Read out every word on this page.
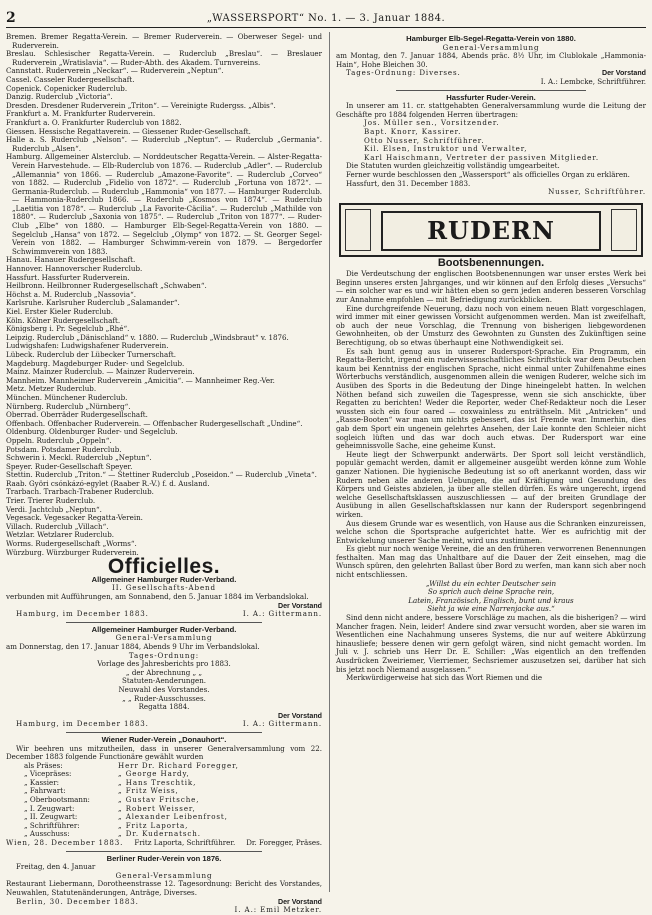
2	„WASSERSPORT“ No. 1. — 3. Januar 1884.
Bremen. Bremer Regatta-Verein. — Bremer Ruderverein. — Oberweser Segel- und Ruderverein.
Breslau. Schlesischer Regatta-Verein. — Ruderclub „Breslau“. — Breslauer Ruderverein „Wratislavia“. — Ruder-Abth. des Akadem. Turnvereins.
Cannstatt. Ruderverein „Neckar“. — Ruderverein „Neptun“.
Cassel. Casseler Rudergesellschaft.
Copenick. Copenicker Ruderclub.
Danzig. Ruderclub „Victoria“.
Dresden. Dresdener Ruderverein „Triton“. — Vereinigte Rudergss. „Albis“.
Frankfurt a. M. Frankfurter Ruderverein.
Frankfurt a. O. Frankfurter Ruderclub von 1882.
Giessen. Hessische Regattaverein. — Giessener Ruder-Gesellschaft.
Halle a. S. Ruderclub „Nelson“. — Ruderclub „Neptun“. — Ruderclub „Germania“. Ruderclub „Alsen“.
Hamburg. Allgemeiner Alsterclub. — Norddeutscher Regatta-Verein. — Alster-Regatta-Verein Harvestehude. — Elb-Ruderclub von 1876. — Ruderclub „Adler“. — Ruderclub „Allemannia“ von 1866. — Ruderclub „Amazone-Favorite“. — Ruderclub „Corveo“ von 1882. — Ruderclub „Fidelio von 1872“. — Ruderclub „Fortuna von 1872“. — Germania-Ruderclub. — Ruderclub „Hammonia“ von 1877. — Hamburger Ruderclub. — Hammonia-Ruderclub 1866. — Ruderclub „Kosmos von 1874“. — Ruderclub „Laetitia von 1878“. — Ruderclub „La Favorite-Cäcilia“. — Ruderclub „Mathilde von 1880“. — Ruderclub „Saxonia von 1875“. — Ruderclub „Triton von 1877“. — Ruder-Club „Elbe“ von 1880. — Hamburger Elb-Segel-Regatta-Verein von 1880. — Segelclub „Hansa“ von 1872. — Segelclub „Olymp“ von 1872. — St. Georger Segel-Verein von 1882. — Hamburger Schwimm-verein von 1879. — Bergedorfer Schwimmverein von 1883.
Hanau. Hanauer Rudergesellschaft.
Hannover. Hannoverscher Ruderclub.
Hassfurt. Hassfurter Ruderverein.
Heilbronn. Heilbronner Rudergesellschaft „Schwaben“.
Höchst a. M. Ruderclub „Nassovia“.
Karlsruhe. Karlsruher Ruderclub „Salamander“.
Kiel. Erster Kieler Ruderclub.
Köln. Kölner Rudergesellschaft.
Königsberg i. Pr. Segelclub „Rhé“.
Leipzig. Ruderclub „Dänischland“ v. 1880. — Ruderclub „Windsbraut“ v. 1876.
Ludwigshafen: Ludwigshafener Ruderverein.
Lübeck. Ruderclub der Lübecker Turnerschaft.
Magdeburg. Magdeburger Ruder- und Segelclub.
Mainz. Mainzer Ruderclub. — Mainzer Ruderverein.
Mannheim. Mannheimer Ruderverein „Amicitia“. — Mannheimer Reg.-Ver.
Metz. Metzer Ruderclub.
München. Münchener Ruderclub.
Nürnberg. Ruderclub „Nürnberg“.
Oberrad. Oberräder Rudergesellschaft.
Offenbach. Offenbacher Ruderverein. — Offenbacher Rudergesellschaft „Undine“.
Oldenburg. Oldenburger Ruder- und Segelclub.
Oppeln. Ruderclub „Oppeln“.
Potsdam. Potsdamer Ruderclub.
Schwerin i. Meckl. Ruderclub „Neptun“.
Speyer. Ruder-Gesellschaft Speyer.
Stettin. Ruderclub „Triton.“ — Stettiner Ruderclub „Poseidon.“ — Ruderclub „Vineta“.
Raab. Györi csónkázó-egylet (Raaber R.-V.) f. d. Ausland.
Trarbach. Trarbach-Trabener Ruderclub.
Trier. Trierer Ruderclub.
Verdi. Jachtclub „Neptun“.
Vegesack. Vegesacker Regatta-Verein.
Villach. Ruderclub „Villach“.
Wetzlar. Wetzlarer Ruderclub.
Worms. Rudergesellschaft „Worms“.
Würzburg. Würzburger Ruderverein.
Officielles.
Allgemeiner Hamburger Ruder-Verband.
II. Gesellschafts-Abend
verbunden mit Aufführungen, am Sonnabend, den 5. Januar 1884 im Verbandslokal.
Der Vorstand
Hamburg, im December 1883.	I. A.: Gittermann.
Allgemeiner Hamburger Ruder-Verband.
General-Versammlung
am Donnerstag, den 17. Januar 1884, Abends 9 Uhr im Verbandslokal.
Tages-Ordnung:
Vorlage des Jahresberichts pro 1883.
„ der Abrechnung „ „
Statuten-Aenderungen.
Neuwahl des Vorstandes.
„ „ Ruder-Ausschusses.
Regatta 1884.
Der Vorstand
Hamburg, im December 1883.	I. A.: Gittermann.
Wiener Ruder-Verein „Donauhort“.
Wir beehren uns mitzutheilen, dass in unserer Generalversammlung vom 22. December 1883 folgende Functionäre gewählt wurden
als Präses:	Herr Dr. Richard Foregger,
„ Vicepräses:	„ George Hardy,
„ Kassier:	„ Hans Treschtik,
„ Fahrwart:	„ Fritz Weiss,
„ Oberbootsmann:	„ Gustav Fritsche,
„ I. Zeugwart:	„ Robert Weisser,
„ II. Zeugwart:	„ Alexander Leibenfrost,
„ Schriftführer:	„ Fritz Laporta,
„ Ausschuss:	„ Dr. Kudernatsch.
Wien, 28. December 1883. Fritz Laporta, Schriftführer. Dr. Foregger, Präses.
Berliner Ruder-Verein von 1876.
Freitag, den 4. Januar
General-Versammlung
Restaurant Liebermann, Dorotheenstrasse 12. Tagesordnung: Bericht des Vorstandes, Neuwahlen, Statutenänderungen, Anträge, Diverses.
Berlin, 30. December 1883.	Der Vorstand
I. A.: Emil Metzker.
Hamburger Elb-Segel-Regatta-Verein von 1880.
General-Versammlung
am Montag, den 7. Januar 1884, Abends präc. 8½ Uhr, im Clublokale „Hammonia-Hain“, Hohe Bleichen 30.
Tages-Ordnung: Diverses.	Der Vorstand
I. A.: Lembcke, Schriftführer.
Hassfurter Ruder-Verein.
In unserer am 11. cr. stattgehabten Generalversammlung wurde die Leitung der Geschäfte pro 1884 folgenden Herren übertragen:
Jos. Müller sen., Vorsitzender.
Bapt. Knorr, Kassirer.
Otto Nusser, Schriftführer.
Kil. Elsen, Instruktor und Verwalter,
Karl Haischmann, Vertreter der passiven Mitglieder.
Die Statuten wurden gleichzeitig vollständig umgearbeitet.
Ferner wurde beschlossen den „Wassersport“ als officielles Organ zu erklären.
Hassfurt, den 31. December 1883.
Nusser, Schriftführer.
RUDERN
Bootsbenennungen.
Die Verdeutschung der englischen Bootsbenennungen war unser erstes Werk bei Beginn unseres ersten Jahrganges, und wir können auf den Erfolg dieses „Versuchs“ — ein solcher war es und wir hätten eben so gern jeden anderen besseren Vorschlag zur Annahme empfohlen — mit Befriedigung zurückblicken.
Eine durchgreifende Neuerung, dazu noch von einem neuen Blatt vorgeschlagen, wird immer mit einer gewissen Vorsicht aufgenommen werden. Man ist zweifelhaft, ob auch der neue Vorschlag, die Trennung von bisherigen liebgewordenen Gewohnheiten, ob der Umsturz des Gewohnten zu Gunsten des Zukünftigen seine Berechtigung, ob so etwas überhaupt eine Nothwendigkeit sei.
Es sah bunt genug aus in unserer Rudersport-Sprache. Ein Programm, ein Regatta-Bericht, irgend ein ruderwissenschaftliches Schriftstück war dem Deutschen kaum bei Kenntniss der englischen Sprache, nicht einmal unter Zuhilfenahme eines Wörterbuchs verständlich, ausgenommen allein die wenigen Ruderer, welche sich im Ausüben des Sports in die Bedeutung der Dinge hineingelebt hatten. In welchen Nöthen befand sich zuweilen die Tagespresse, wenn sie sich anschickte, über Regatten zu berichten! Weder die Reporter, weder Chef-Redakteur noch die Leser wussten sich ein four oared — coxwainless zu enträthseln. Mit „Antricken“ und „Rasse-Booten“ war man um nichts gebessert, das ist Fremde war. Immerhin, dies gab dem Sport ein ungenein gelehrtes Ansehen, der Laie konnte den Schleier nicht sogleich lüften und das war doch auch etwas. Der Rudersport war eine geheimnissvolle Sache, eine geheime Kunst.
Heute liegt der Schwerpunkt anderwärts. Der Sport soll leicht verständlich, populär gemacht werden, damit er allgemeiner ausgeübt werden könne zum Wohle ganzer Nationen. Die hygienische Bedeutung ist so oft anerkannt worden, dass wir Rudern neben alle anderen Uebungen, die auf Kräftigung und Gesundung des Körpers und Geistes abzielen, ja über alle stellen dürfen. Es wäre ungerecht, irgend welche Gesellschaftsklassen auszuschliessen — auf der breiten Grundlage der Ausübung in allen Gesellschaftsklassen nur kann der Rudersport segenbringend wirken.
Aus diesem Grunde war es wesentlich, von Hause aus die Schranken einzureissen, welche schon die Sportsprache aufgerichtet hatte. Wer es aufrichtig mit der Entwickelung unserer Sache meint, wird uns zustimmen.
Es giebt nur noch wenige Vereine, die an den früheren verworrenen Benennungen festhalten. Man mag das Unhaltbare auf die Dauer der Zeit einsehen, mag die Wunsch spüren, den gelehrten Ballast über Bord zu werfen, man kann sich aber noch nicht entschliessen.
„Willst du ein echter Deutscher sein
So sprich auch deine Sprache rein,
Latein, Französisch, Englisch, bunt und kraus
Sieht ja wie eine Narrenjacke aus.“
Sind denn nicht andere, bessere Vorschläge zu machen, als die bisherigen? — wird Mancher fragen. Nein, leider! Andere sind zwar versucht worden, aber sie waren im Wesentlichen eine Nachahmung unseres Systems, die nur auf weitere Abkürzung hinausliefe; bessere denen wir gern gefolgt wären, sind nicht gemacht worden. Im Juli v. J. schrieb uns Herr Dr. E. Schiller: „Was eigentlich an den treffenden Ausdrücken Zweiriemer, Vierriemer, Sechsriemer auszusetzen sei, darüber hat sich bis jetzt noch Niemand ausgelassen.“
Merkwürdigerweise hat sich das Wort Riemen und die
